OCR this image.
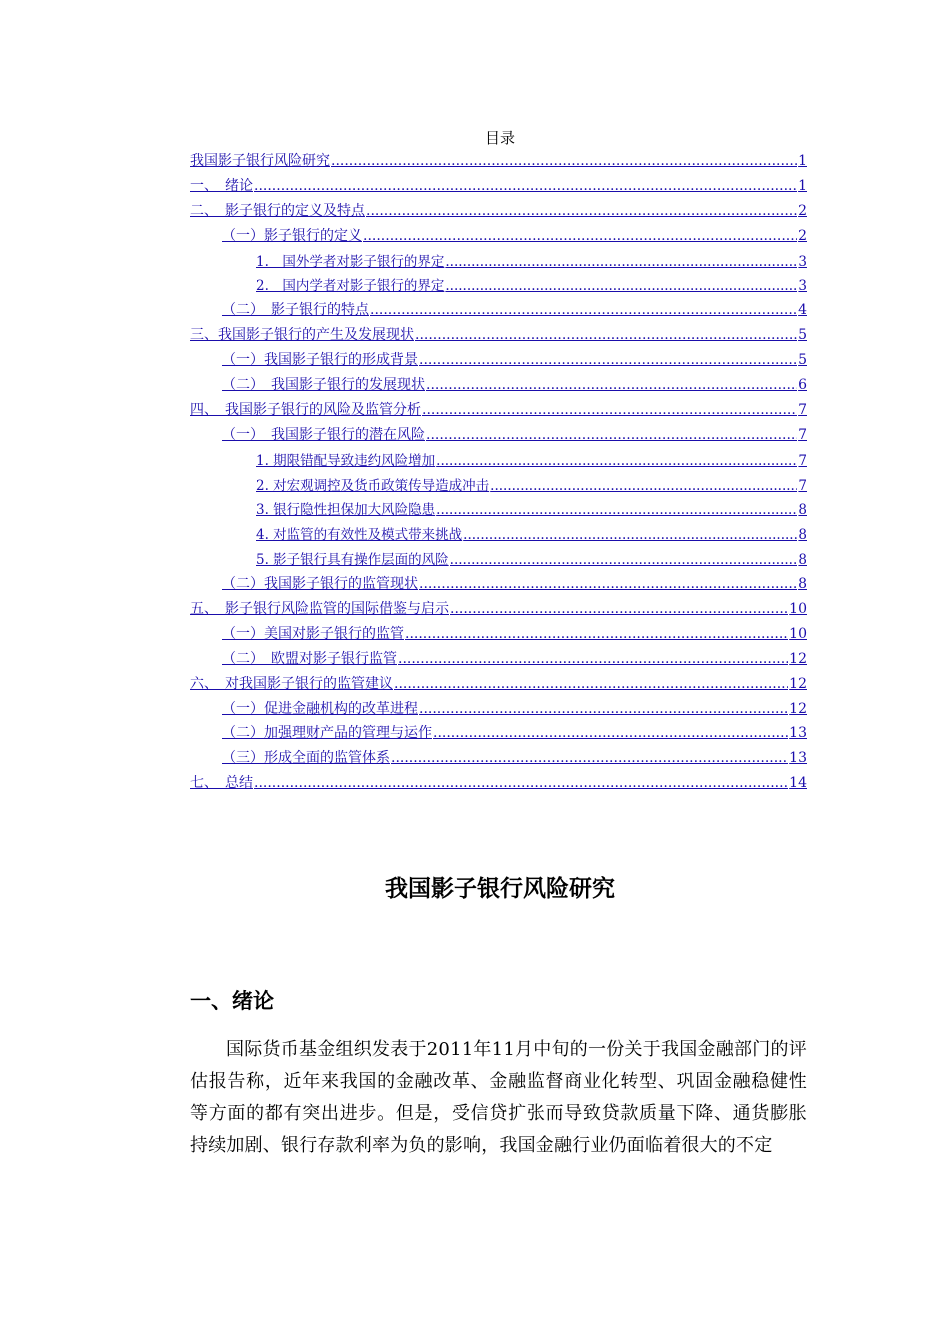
目录
我国影子银行风险研究 .....	1
一、　绪论 .....	1
二、　影子银行的定义及特点 .....	2
（一）影子银行的定义 .....	2
1.　国外学者对影子银行的界定 .....	3
2.　国内学者对影子银行的界定 .....	3
（二）　影子银行的特点 .....	4
三、我国影子银行的产生及发展现状 .....	5
（一）我国影子银行的形成背景 .....	5
（二）　我国影子银行的发展现状 .....	6
四、　我国影子银行的风险及监管分析 .....	7
（一）　我国影子银行的潜在风险 .....	7
1. 期限错配导致违约风险增加 .....	7
2. 对宏观调控及货币政策传导造成冲击 .....	7
3. 银行隐性担保加大风险隐患 .....	8
4. 对监管的有效性及模式带来挑战 .....	8
5. 影子银行具有操作层面的风险 .....	8
（二）我国影子银行的监管现状 .....	8
五、　影子银行风险监管的国际借鉴与启示 .....	10
（一）美国对影子银行的监管 .....	10
（二）　欧盟对影子银行监管 .....	12
六、　对我国影子银行的监管建议 .....	12
（一）促进金融机构的改革进程 .....	12
（二）加强理财产品的管理与运作 .....	13
（三）形成全面的监管体系 .....	13
七、　总结 .....	14
我国影子银行风险研究
一、绪论

国际货币基金组织发表于2011年11月中旬的一份关于我国金融部门的评估报告称，近年来我国的金融改革、金融监督商业化转型、巩固金融稳健性等方面的都有突出进步。但是，受信贷扩张而导致贷款质量下降、通货膨胀持续加剧、银行存款利率为负的影响，我国金融行业仍面临着很大的不定
